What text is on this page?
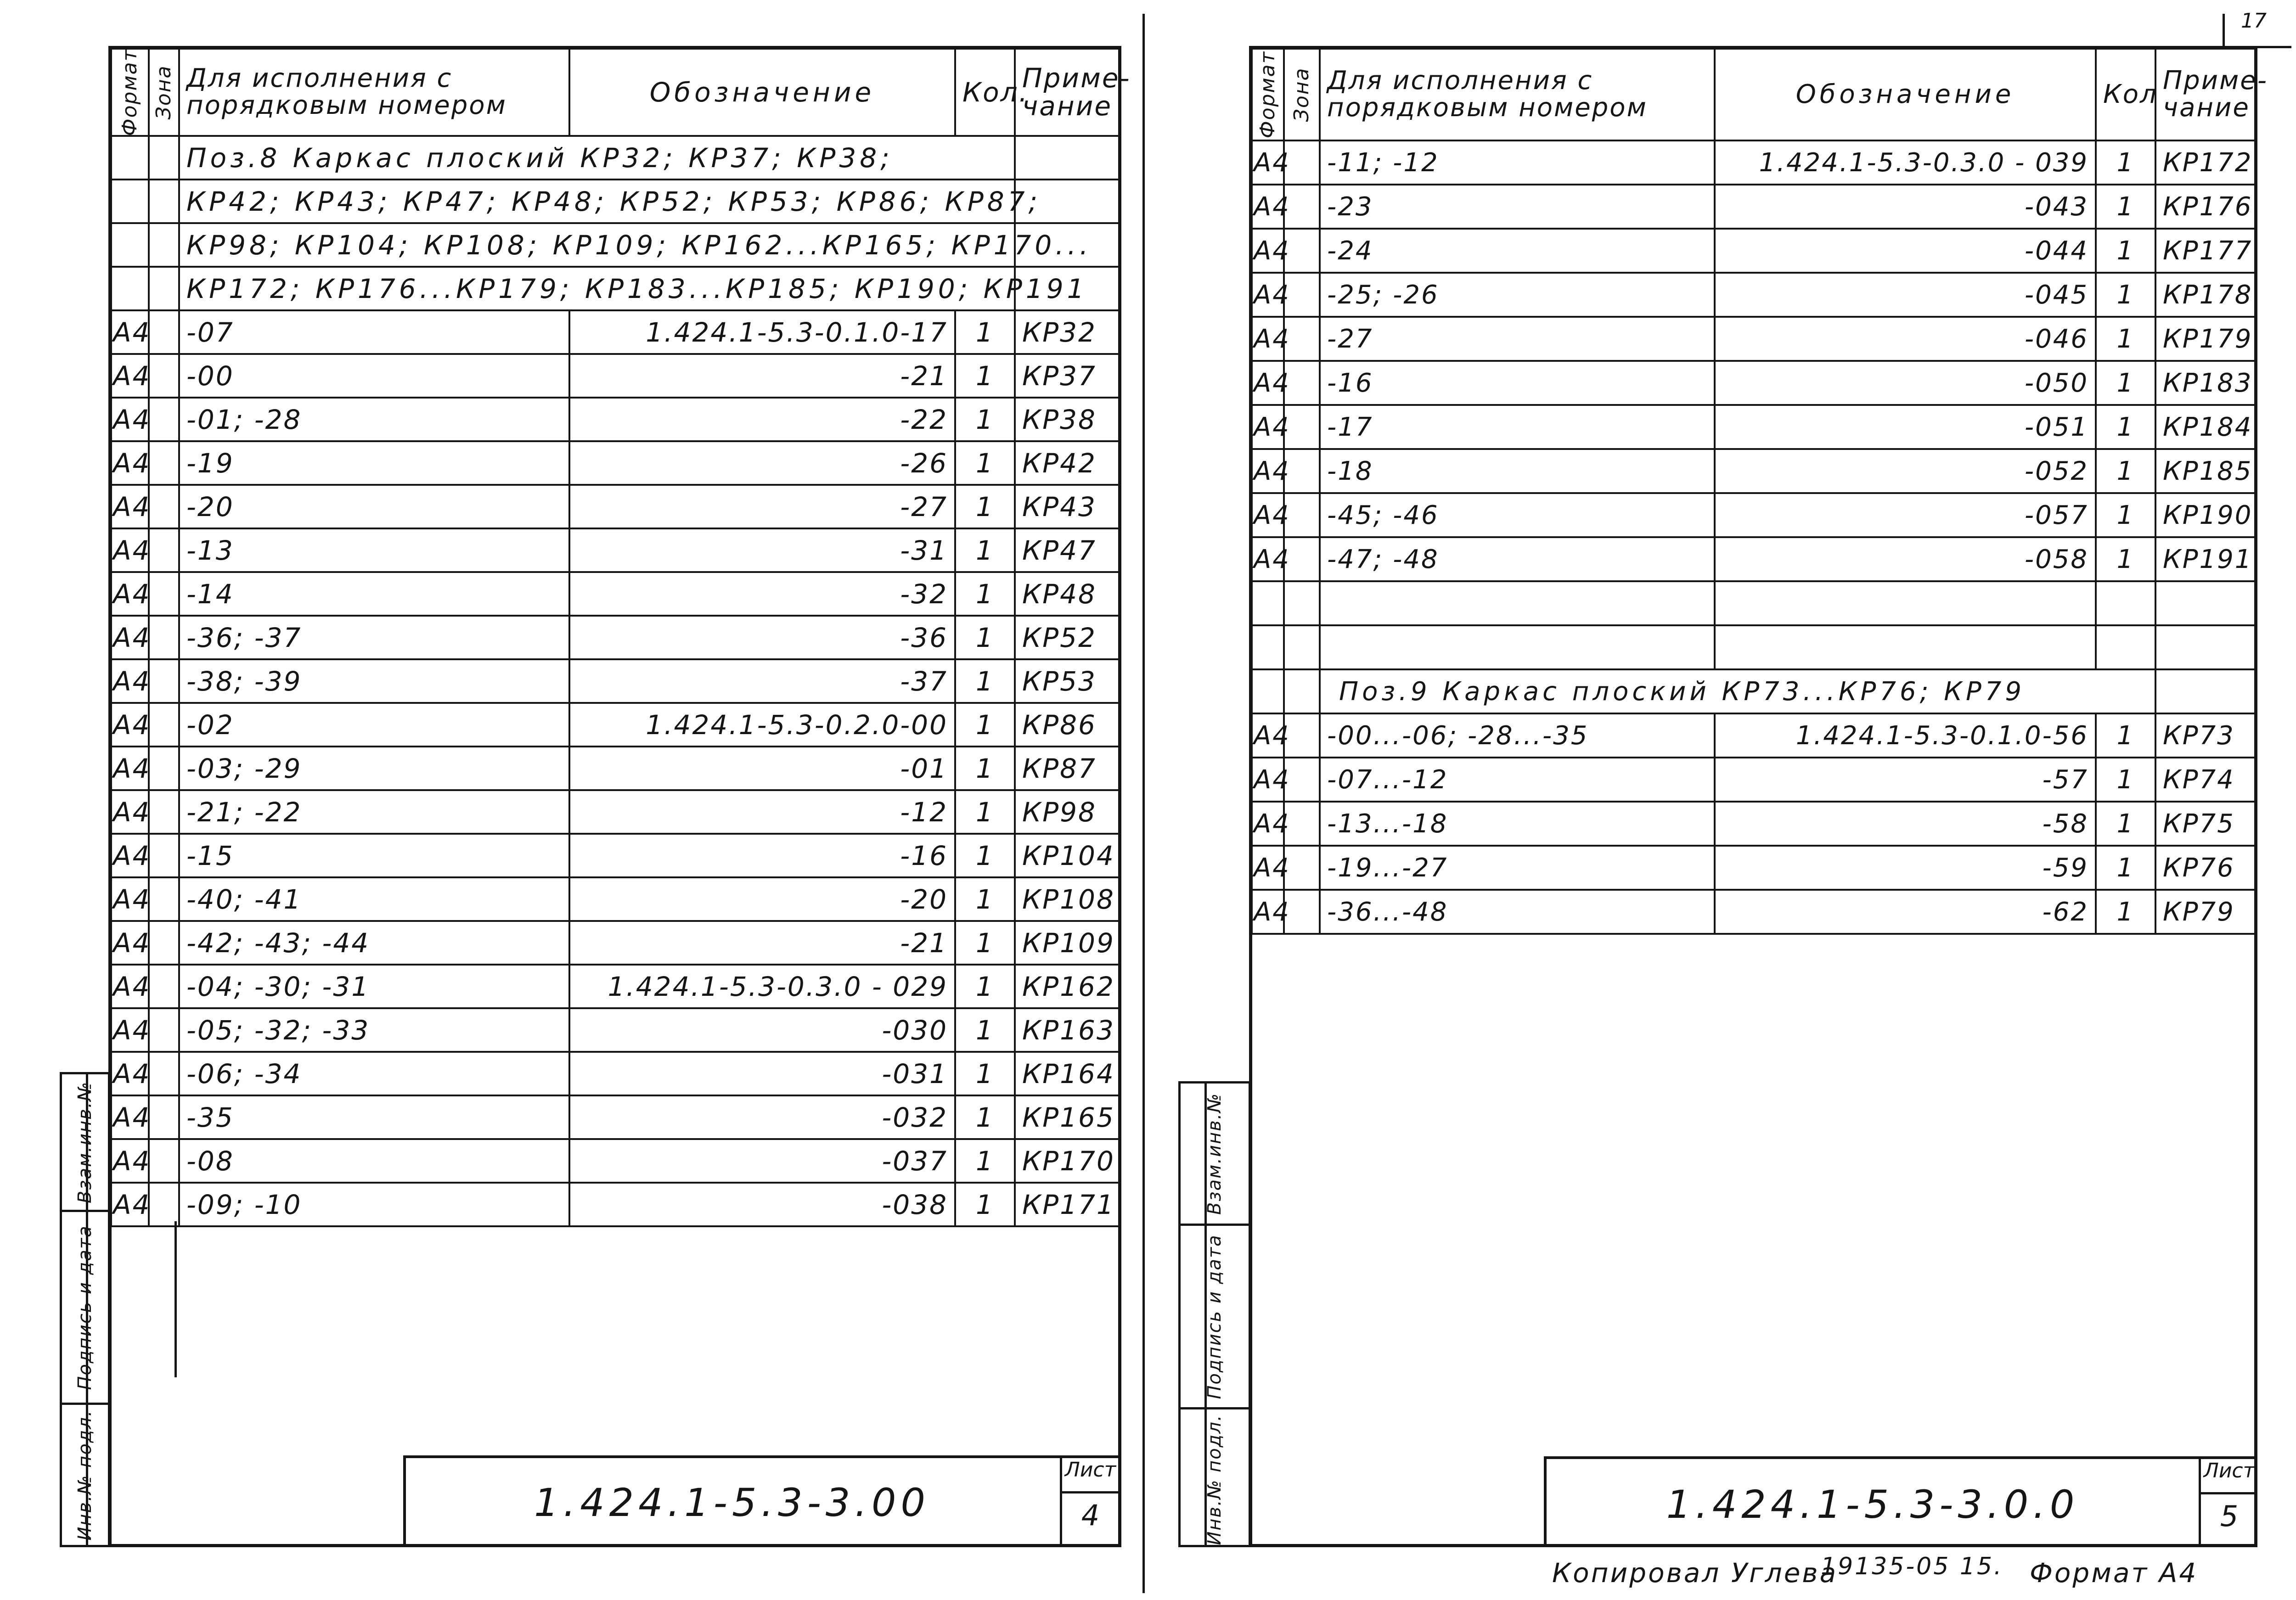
Формат	Зона	Для исполнения с порядковым номером	Обозначение	Кол.	Приме- чание
		Поз.8 Каркас плоский КР32; КР37; КР38;			
		КР42; КР43; КР47; КР48; КР52; КР53; КР86; КР87;			
		КР98; КР104; КР108; КР109; КР162...КР165; КР170...			
		КР172; КР176...КР179; КР183...КР185; КР190; КР191			
А4		-07	1.424.1-5.3-0.1.0-17	1	КР32
А4		-00	-21	1	КР37
А4		-01; -28	-22	1	КР38
А4		-19	-26	1	КР42
А4		-20	-27	1	КР43
А4		-13	-31	1	КР47
А4		-14	-32	1	КР48
А4		-36; -37	-36	1	КР52
А4		-38; -39	-37	1	КР53
А4		-02	1.424.1-5.3-0.2.0-00	1	КР86
А4		-03; -29	-01	1	КР87
А4		-21; -22	-12	1	КР98
А4		-15	-16	1	КР104
А4		-40; -41	-20	1	КР108
А4		-42; -43; -44	-21	1	КР109
А4		-04; -30; -31	1.424.1-5.3-0.3.0 - 029	1	КР162
А4		-05; -32; -33	-030	1	КР163
А4		-06; -34	-031	1	КР164
А4		-35	-032	1	КР165
А4		-08	-037	1	КР170
А4		-09; -10	-038	1	КР171
1.424.1-5.3-3.00
Лист
4
Взам.инв.№
Подпись и дата
Инв.№ подл.
17
Формат	Зона	Для исполнения с порядковым номером	Обозначение	Кол	Приме- чание
А4		-11; -12	1.424.1-5.3-0.3.0 - 039	1	КР172
А4		-23	-043	1	КР176
А4		-24	-044	1	КР177
А4		-25; -26	-045	1	КР178
А4		-27	-046	1	КР179
А4		-16	-050	1	КР183
А4		-17	-051	1	КР184
А4		-18	-052	1	КР185
А4		-45; -46	-057	1	КР190
А4		-47; -48	-058	1	КР191

		Поз.9 Каркас плоский КР73...КР76; КР79			
А4		-00...-06; -28...-35	1.424.1-5.3-0.1.0-56	1	КР73
А4		-07...-12	-57	1	КР74
А4		-13...-18	-58	1	КР75
А4		-19...-27	-59	1	КР76
А4		-36...-48	-62	1	КР79
1.424.1-5.3-3.0.0
Лист
5
Взам.инв.№
Подпись и дата
Инв.№ подл.
Копировал Углева
19135-05 15. Формат А4
